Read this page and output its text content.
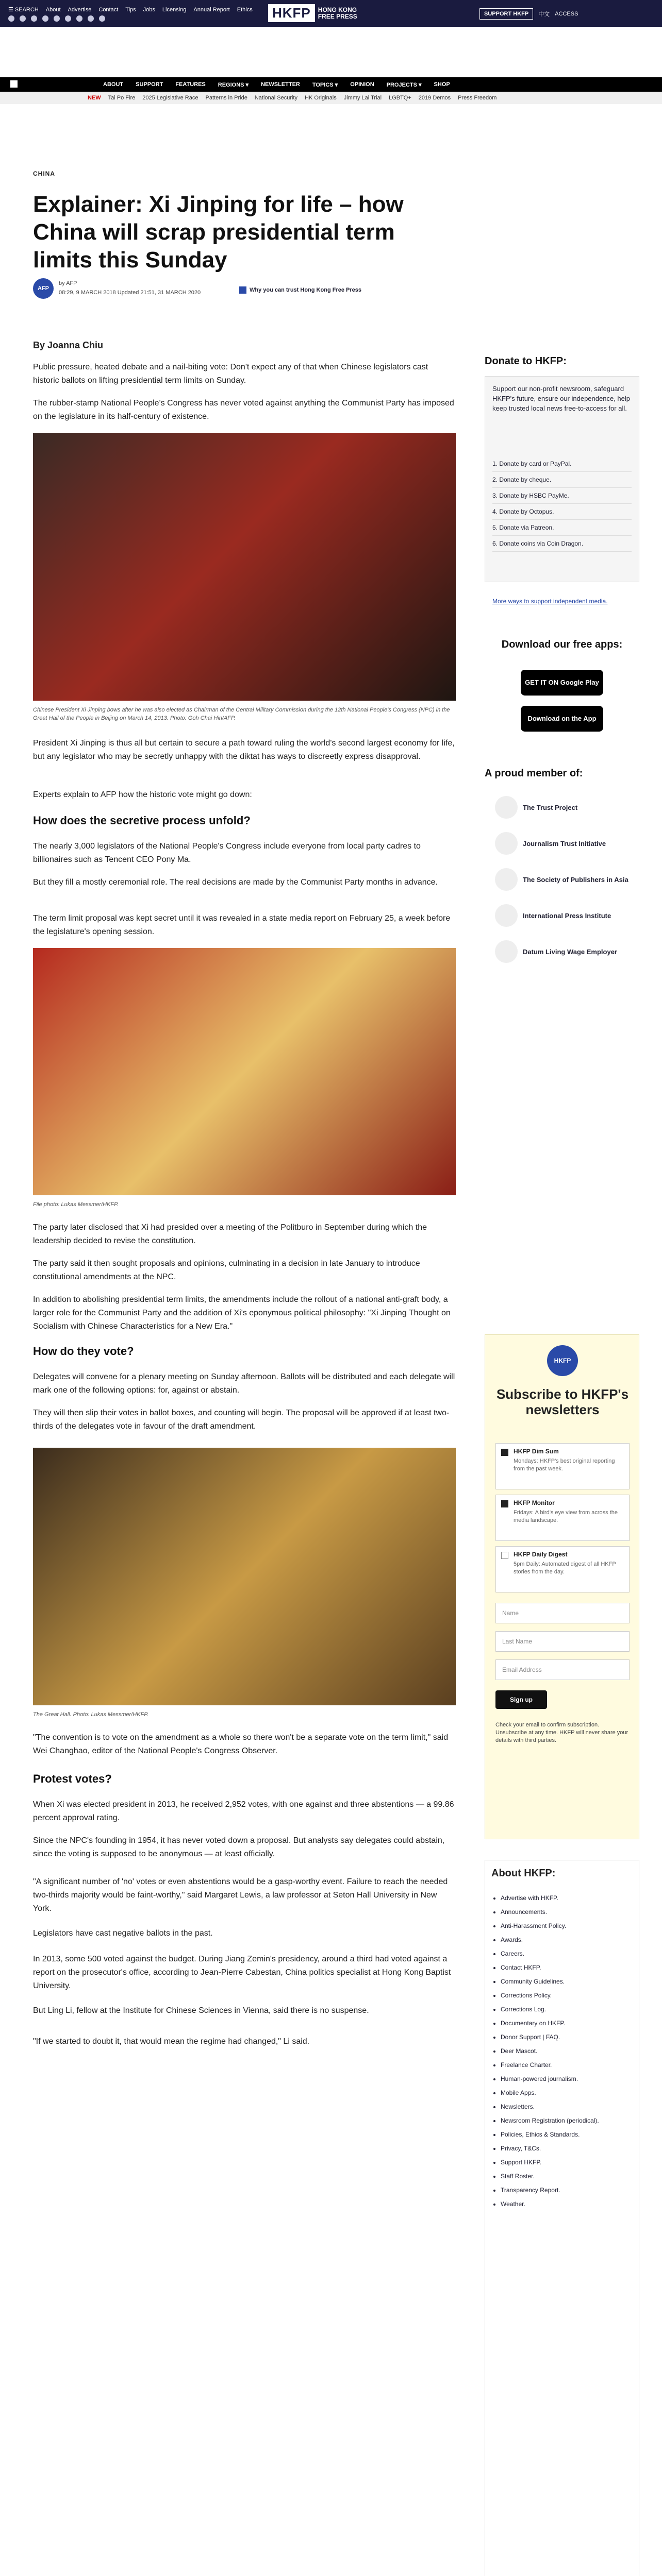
☰ SEARCH About Advertise Contact Tips Jobs Licensing Annual Report Ethics	HKFP	HONG KONG
FREE PRESS	SUPPORT HKFP	中文 ACCESS
ABOUT SUPPORT FEATURES REGIONS ▾ NEWSLETTER TOPICS ▾ OPINION PROJECTS ▾ SHOP
NEW Tai Po Fire 2025 Legislative Race Patterns in Pride National Security HK Originals Jimmy Lai Trial LGBTQ+ 2019 Demos Press Freedom
CHINA
Explainer: Xi Jinping for life – how China will scrap presidential term limits this Sunday
AFP
by AFP
08:29, 9 MARCH 2018 Updated 21:51, 31 MARCH 2020	Why you can trust Hong Kong Free Press
By Joanna Chiu
Public pressure, heated debate and a nail-biting vote: Don't expect any of that when Chinese legislators cast historic ballots on lifting presidential term limits on Sunday.
The rubber-stamp National People's Congress has never voted against anything the Communist Party has imposed on the legislature in its half-century of existence.
Chinese President Xi Jinping bows after he was also elected as Chairman of the Central Military Commission during the 12th National People's Congress (NPC) in the Great Hall of the People in Beijing on March 14, 2013. Photo: Goh Chai Hin/AFP.
President Xi Jinping is thus all but certain to secure a path toward ruling the world's second largest economy for life, but any legislator who may be secretly unhappy with the diktat has ways to discreetly express disapproval.
Experts explain to AFP how the historic vote might go down:
How does the secretive process unfold?
The nearly 3,000 legislators of the National People's Congress include everyone from local party cadres to billionaires such as Tencent CEO Pony Ma.
But they fill a mostly ceremonial role. The real decisions are made by the Communist Party months in advance.
The term limit proposal was kept secret until it was revealed in a state media report on February 25, a week before the legislature's opening session.
File photo: Lukas Messmer/HKFP.
The party later disclosed that Xi had presided over a meeting of the Politburo in September during which the leadership decided to revise the constitution.
The party said it then sought proposals and opinions, culminating in a decision in late January to introduce constitutional amendments at the NPC.
In addition to abolishing presidential term limits, the amendments include the rollout of a national anti-graft body, a larger role for the Communist Party and the addition of Xi's eponymous political philosophy: "Xi Jinping Thought on Socialism with Chinese Characteristics for a New Era."
How do they vote?
Delegates will convene for a plenary meeting on Sunday afternoon. Ballots will be distributed and each delegate will mark one of the following options: for, against or abstain.
They will then slip their votes in ballot boxes, and counting will begin. The proposal will be approved if at least two-thirds of the delegates vote in favour of the draft amendment.
The Great Hall. Photo: Lukas Messmer/HKFP.
"The convention is to vote on the amendment as a whole so there won't be a separate vote on the term limit," said Wei Changhao, editor of the National People's Congress Observer.
Protest votes?
When Xi was elected president in 2013, he received 2,952 votes, with one against and three abstentions — a 99.86 percent approval rating.
Since the NPC's founding in 1954, it has never voted down a proposal. But analysts say delegates could abstain, since the voting is supposed to be anonymous — at least officially.
"A significant number of 'no' votes or even abstentions would be a gasp-worthy event. Failure to reach the needed two-thirds majority would be faint-worthy," said Margaret Lewis, a law professor at Seton Hall University in New York.
Legislators have cast negative ballots in the past.
In 2013, some 500 voted against the budget. During Jiang Zemin's presidency, around a third had voted against a report on the prosecutor's office, according to Jean-Pierre Cabestan, China politics specialist at Hong Kong Baptist University.
But Ling Li, fellow at the Institute for Chinese Sciences in Vienna, said there is no suspense.
"If we started to doubt it, that would mean the regime had changed," Li said.
Donate to HKFP:
Support our non-profit newsroom, safeguard HKFP's future, ensure our independence, help keep trusted local news free-to-access for all.
1. Donate by card or PayPal.
2. Donate by cheque.
3. Donate by HSBC PayMe.
4. Donate by Octopus.
5. Donate via Patreon.
6. Donate coins via Coin Dragon.
More ways to support independent media.
Download our free apps:
GET IT ON Google Play
Download on the App Store
A proud member of:
The Trust Project
Journalism Trust Initiative
The Society of Publishers in Asia
International Press Institute
Datum Living Wage Employer
HKFP
Subscribe to HKFP's newsletters
HKFP Dim Sum
Mondays: HKFP's best original reporting from the past week.
HKFP Monitor
Fridays: A bird's eye view from across the media landscape.
HKFP Daily Digest
5pm Daily: Automated digest of all HKFP stories from the day.
Name
Last Name
Email Address
Sign up
Check your email to confirm subscription. Unsubscribe at any time. HKFP will never share your details with third parties.
About HKFP:
• Advertise with HKFP.
• Announcements.
• Anti-Harassment Policy.
• Awards.
• Careers.
• Contact HKFP.
• Community Guidelines.
• Corrections Policy.
• Corrections Log.
• Documentary on HKFP.
• Donor Support | FAQ.
• Deer Mascot.
• Freelance Charter.
• Human-powered journalism.
• Mobile Apps.
• Newsletters.
• Newsroom Registration (periodical).
• Policies, Ethics & Standards.
• Privacy, T&Cs.
• Support HKFP.
• Staff Roster.
• Transparency Report.
• Weather.
